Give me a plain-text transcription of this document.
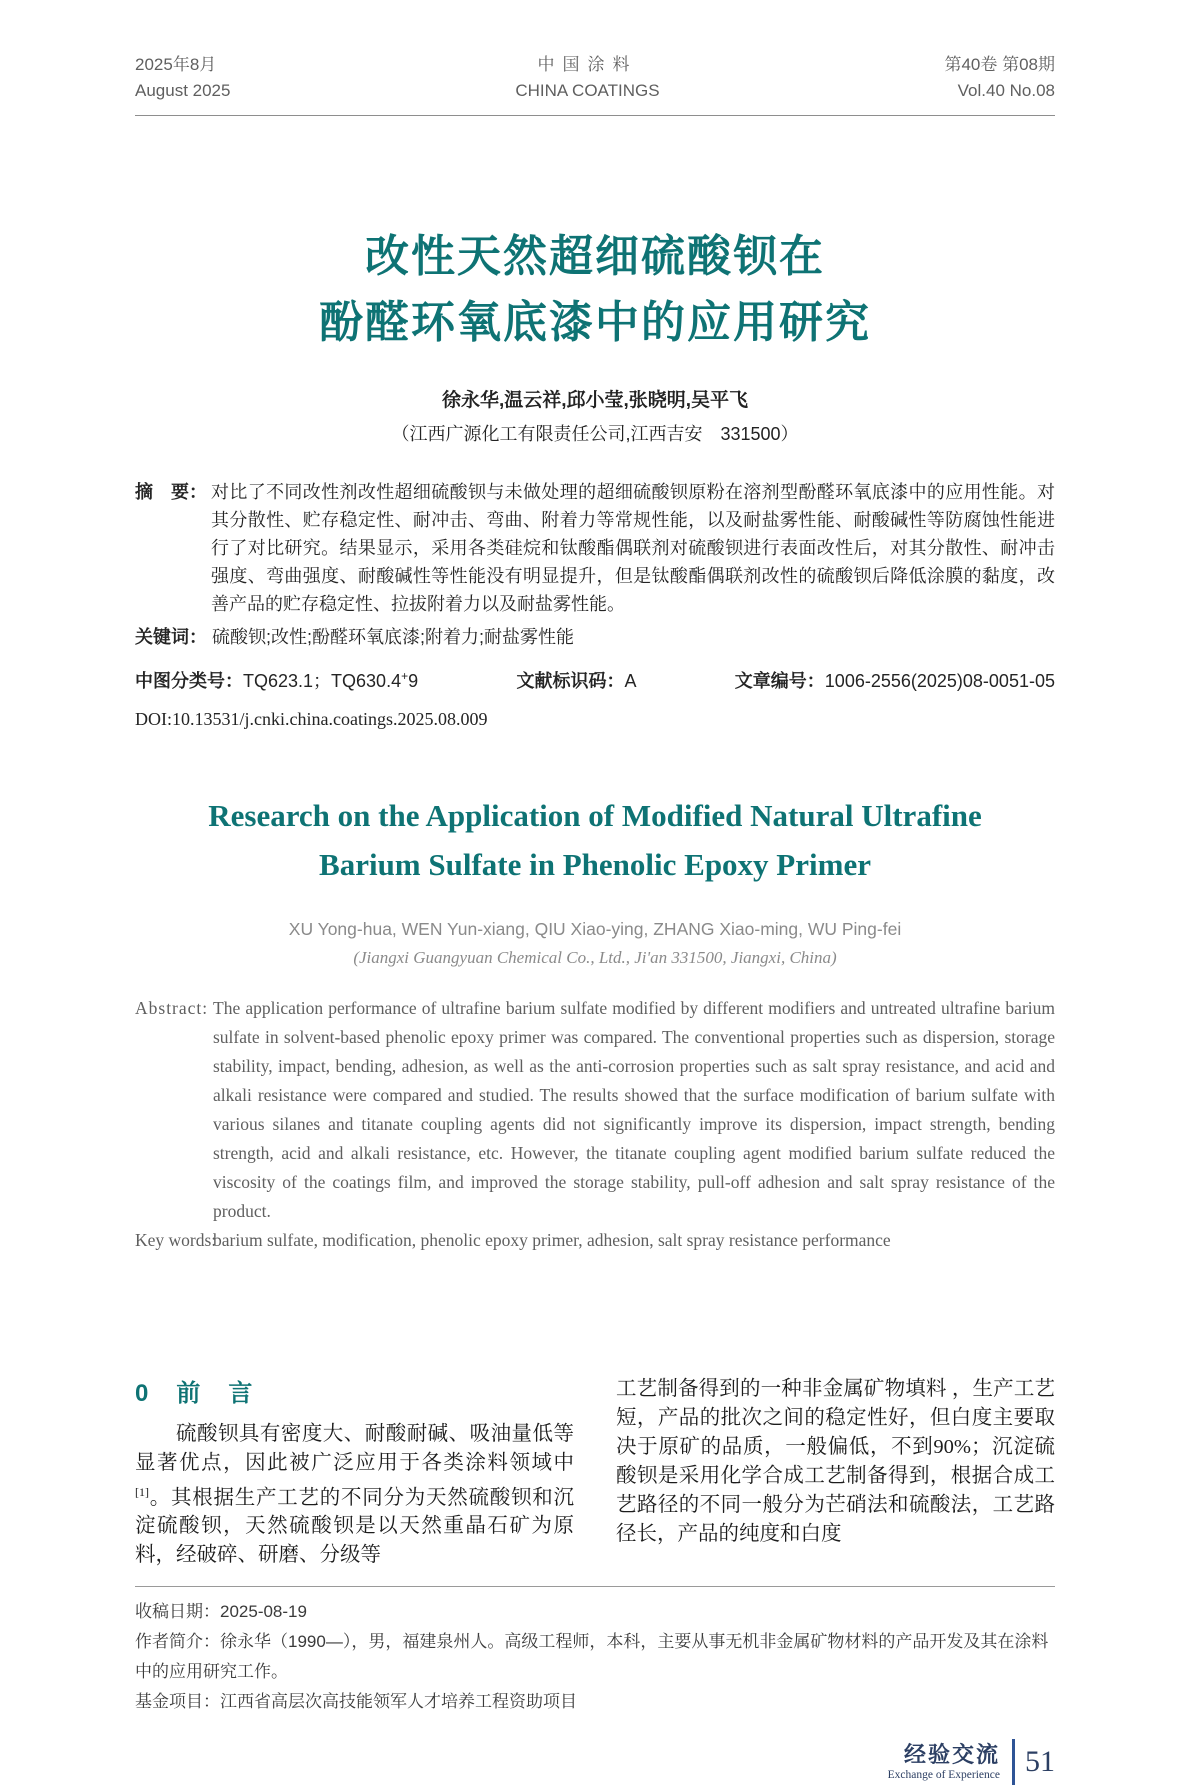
2025年8月
August 2025
中国涂料
CHINA COATINGS
第40卷 第08期
Vol.40 No.08
改性天然超细硫酸钡在
酚醛环氧底漆中的应用研究
徐永华,温云祥,邱小莹,张晓明,吴平飞
（江西广源化工有限责任公司,江西吉安　331500）
摘　要： 对比了不同改性剂改性超细硫酸钡与未做处理的超细硫酸钡原粉在溶剂型酚醛环氧底漆中的应用性能。对其分散性、贮存稳定性、耐冲击、弯曲、附着力等常规性能，以及耐盐雾性能、耐酸碱性等防腐蚀性能进行了对比研究。结果显示，采用各类硅烷和钛酸酯偶联剂对硫酸钡进行表面改性后，对其分散性、耐冲击强度、弯曲强度、耐酸碱性等性能没有明显提升，但是钛酸酯偶联剂改性的硫酸钡后降低涂膜的黏度，改善产品的贮存稳定性、拉拔附着力以及耐盐雾性能。
关键词： 硫酸钡;改性;酚醛环氧底漆;附着力;耐盐雾性能
中图分类号：TQ623.1；TQ630.4+9	文献标识码：A	文章编号：1006-2556(2025)08-0051-05
DOI:10.13531/j.cnki.china.coatings.2025.08.009
Research on the Application of Modified Natural Ultrafine
Barium Sulfate in Phenolic Epoxy Primer
XU Yong-hua, WEN Yun-xiang, QIU Xiao-ying, ZHANG Xiao-ming, WU Ping-fei
(Jiangxi Guangyuan Chemical Co., Ltd., Ji'an 331500, Jiangxi, China)
Abstract: The application performance of ultrafine barium sulfate modified by different modifiers and untreated ultrafine barium sulfate in solvent-based phenolic epoxy primer was compared. The conventional properties such as dispersion, storage stability, impact, bending, adhesion, as well as the anti-corrosion properties such as salt spray resistance, and acid and alkali resistance were compared and studied. The results showed that the surface modification of barium sulfate with various silanes and titanate coupling agents did not significantly improve its dispersion, impact strength, bending strength, acid and alkali resistance, etc. However, the titanate coupling agent modified barium sulfate reduced the viscosity of the coatings film, and improved the storage stability, pull-off adhesion and salt spray resistance of the product.
Key words:
barium sulfate, modification, phenolic epoxy primer, adhesion, salt spray resistance performance
0　前　言

硫酸钡具有密度大、耐酸耐碱、吸油量低等显著优点，因此被广泛应用于各类涂料领域中[1]。其根据生产工艺的不同分为天然硫酸钡和沉淀硫酸钡，天然硫酸钡是以天然重晶石矿为原料，经破碎、研磨、分级等

工艺制备得到的一种非金属矿物填料 ，生产工艺短，产品的批次之间的稳定性好，但白度主要取决于原矿的品质，一般偏低，不到90%；沉淀硫酸钡是采用化学合成工艺制备得到，根据合成工艺路径的不同一般分为芒硝法和硫酸法，工艺路径长，产品的纯度和白度

收稿日期：2025-08-19
作者简介：徐永华（1990—），男，福建泉州人。高级工程师，本科，主要从事无机非金属矿物材料的产品开发及其在涂料中的应用研究工作。
基金项目：江西省高层次高技能领军人才培养工程资助项目
经验交流
Exchange of Experience 51
